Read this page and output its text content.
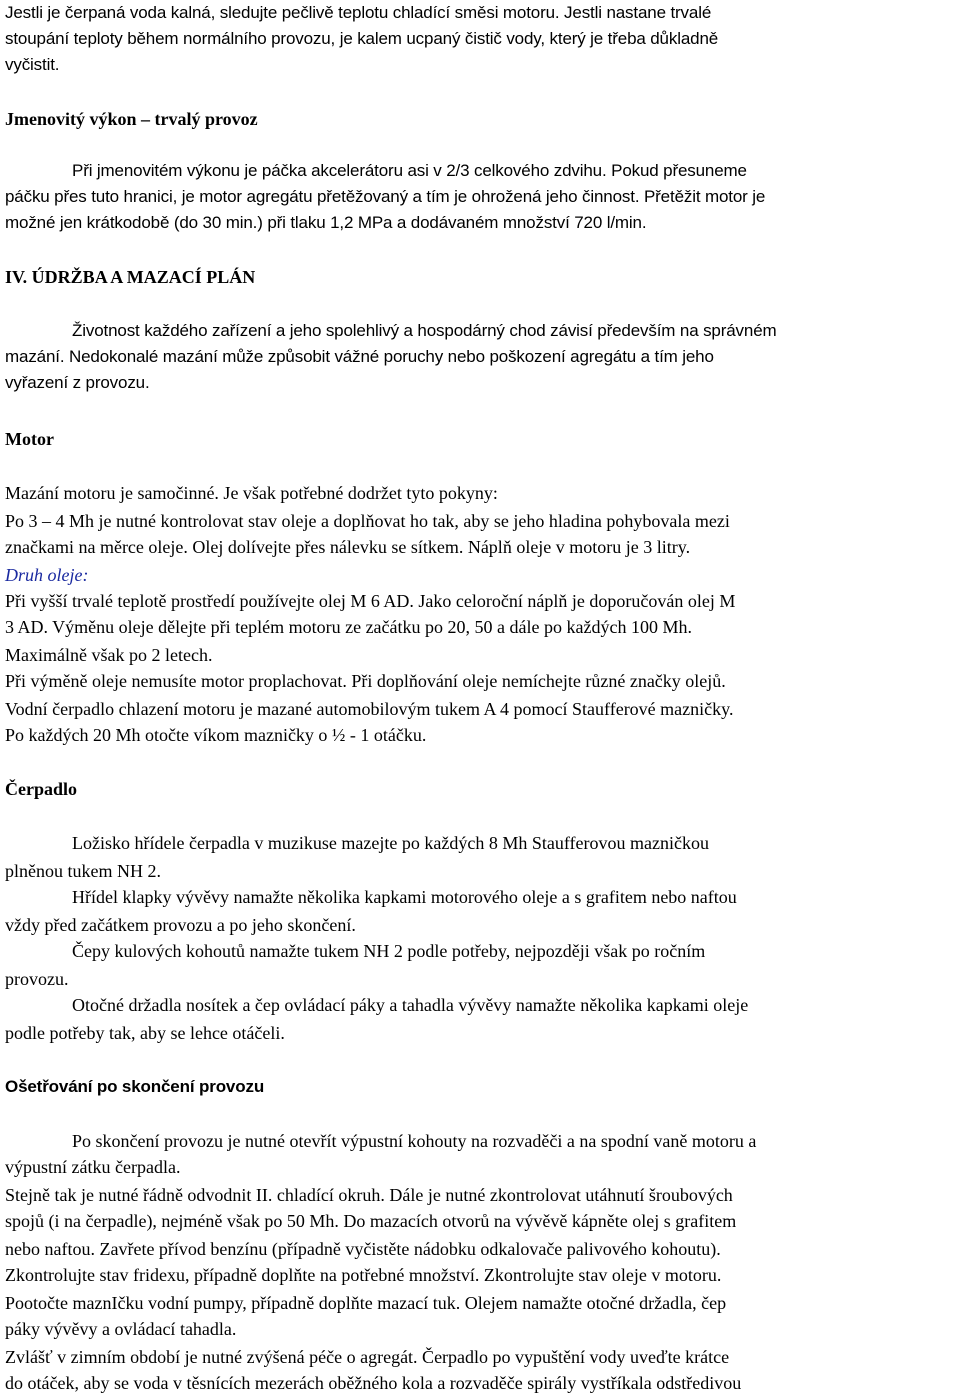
Jestli je čerpaná voda kalná, sledujte pečlivě teplotu chladící směsi motoru. Jestli nastane trvalé

stoupání teploty během normálního provozu, je kalem ucpaný čistič vody, který je třeba důkladně

vyčistit.

Jmenovitý výkon – trvalý provoz

Při jmenovitém výkonu je páčka akcelerátoru asi v 2/3 celkového zdvihu. Pokud přesuneme

páčku přes tuto hranici, je motor agregátu přetěžovaný a tím je ohrožená jeho činnost. Přetěžit motor je

možné jen krátkodobě (do 30 min.) při tlaku 1,2 MPa a dodávaném množství 720 l/min.

IV. ÚDRŽBA A MAZACÍ PLÁN

Životnost každého zařízení a jeho spolehlivý a hospodárný chod závisí především na správném

mazání. Nedokonalé mazání může způsobit vážné poruchy nebo poškození agregátu a tím jeho

vyřazení z provozu.

Motor

Mazání motoru je samočinné. Je však potřebné dodržet tyto pokyny:

Po 3 – 4 Mh je nutné kontrolovat stav oleje a doplňovat ho tak, aby se jeho hladina pohybovala mezi

značkami na měrce oleje. Olej dolívejte přes nálevku se sítkem. Náplň oleje v motoru je 3 litry.

Druh oleje:

Při vyšší trvalé teplotě prostředí používejte olej M 6 AD. Jako celoroční náplň je doporučován olej M

3 AD. Výměnu oleje dělejte při teplém motoru ze začátku po 20, 50 a dále po každých 100 Mh.

Maximálně však po 2 letech.

Při výměně oleje nemusíte motor proplachovat. Při doplňování oleje nemíchejte různé značky olejů.

Vodní čerpadlo chlazení motoru je mazané automobilovým tukem A 4 pomocí Staufferové mazničky.

Po každých 20 Mh otočte víkom mazničky o ½ - 1 otáčku.

Čerpadlo

Ložisko hřídele čerpadla v muzikuse mazejte po každých 8 Mh Staufferovou mazničkou

plněnou tukem NH 2.

Hřídel klapky vývěvy namažte několika kapkami motorového oleje a s grafitem nebo naftou

vždy před začátkem provozu a po jeho skončení.

Čepy kulových kohoutů namažte tukem NH 2 podle potřeby, nejpozději však po ročním

provozu.

Otočné držadla nosítek a čep ovládací páky a tahadla vývěvy namažte několika kapkami oleje

podle potřeby tak, aby se lehce otáčeli.

Ošetřování po skončení provozu

Po skončení provozu je nutné otevřít výpustní kohouty na rozvaděči a na spodní vaně motoru a

výpustní zátku čerpadla.

Stejně tak je nutné řádně odvodnit II. chladící okruh. Dále je nutné zkontrolovat utáhnutí šroubových

spojů (i na čerpadle), nejméně však po 50 Mh. Do mazacích otvorů na vývěvě kápněte olej s grafitem

nebo naftou. Zavřete přívod benzínu (případně vyčistěte nádobku odkalovače palivového kohoutu).

Zkontrolujte stav fridexu, případně doplňte na potřebné množství. Zkontrolujte stav oleje v motoru.

Pootočte maznIčku vodní pumpy, případně doplňte mazací tuk. Olejem namažte otočné držadla, čep

páky vývěvy a ovládací tahadla.

Zvlášť v zimním období je nutné zvýšená péče o agregát. Čerpadlo po vypuštění vody uveďte krátce

do otáček, aby se voda v těsnících mezerách oběžného kola a rozvaděče spirály vystříkala odstředivou
